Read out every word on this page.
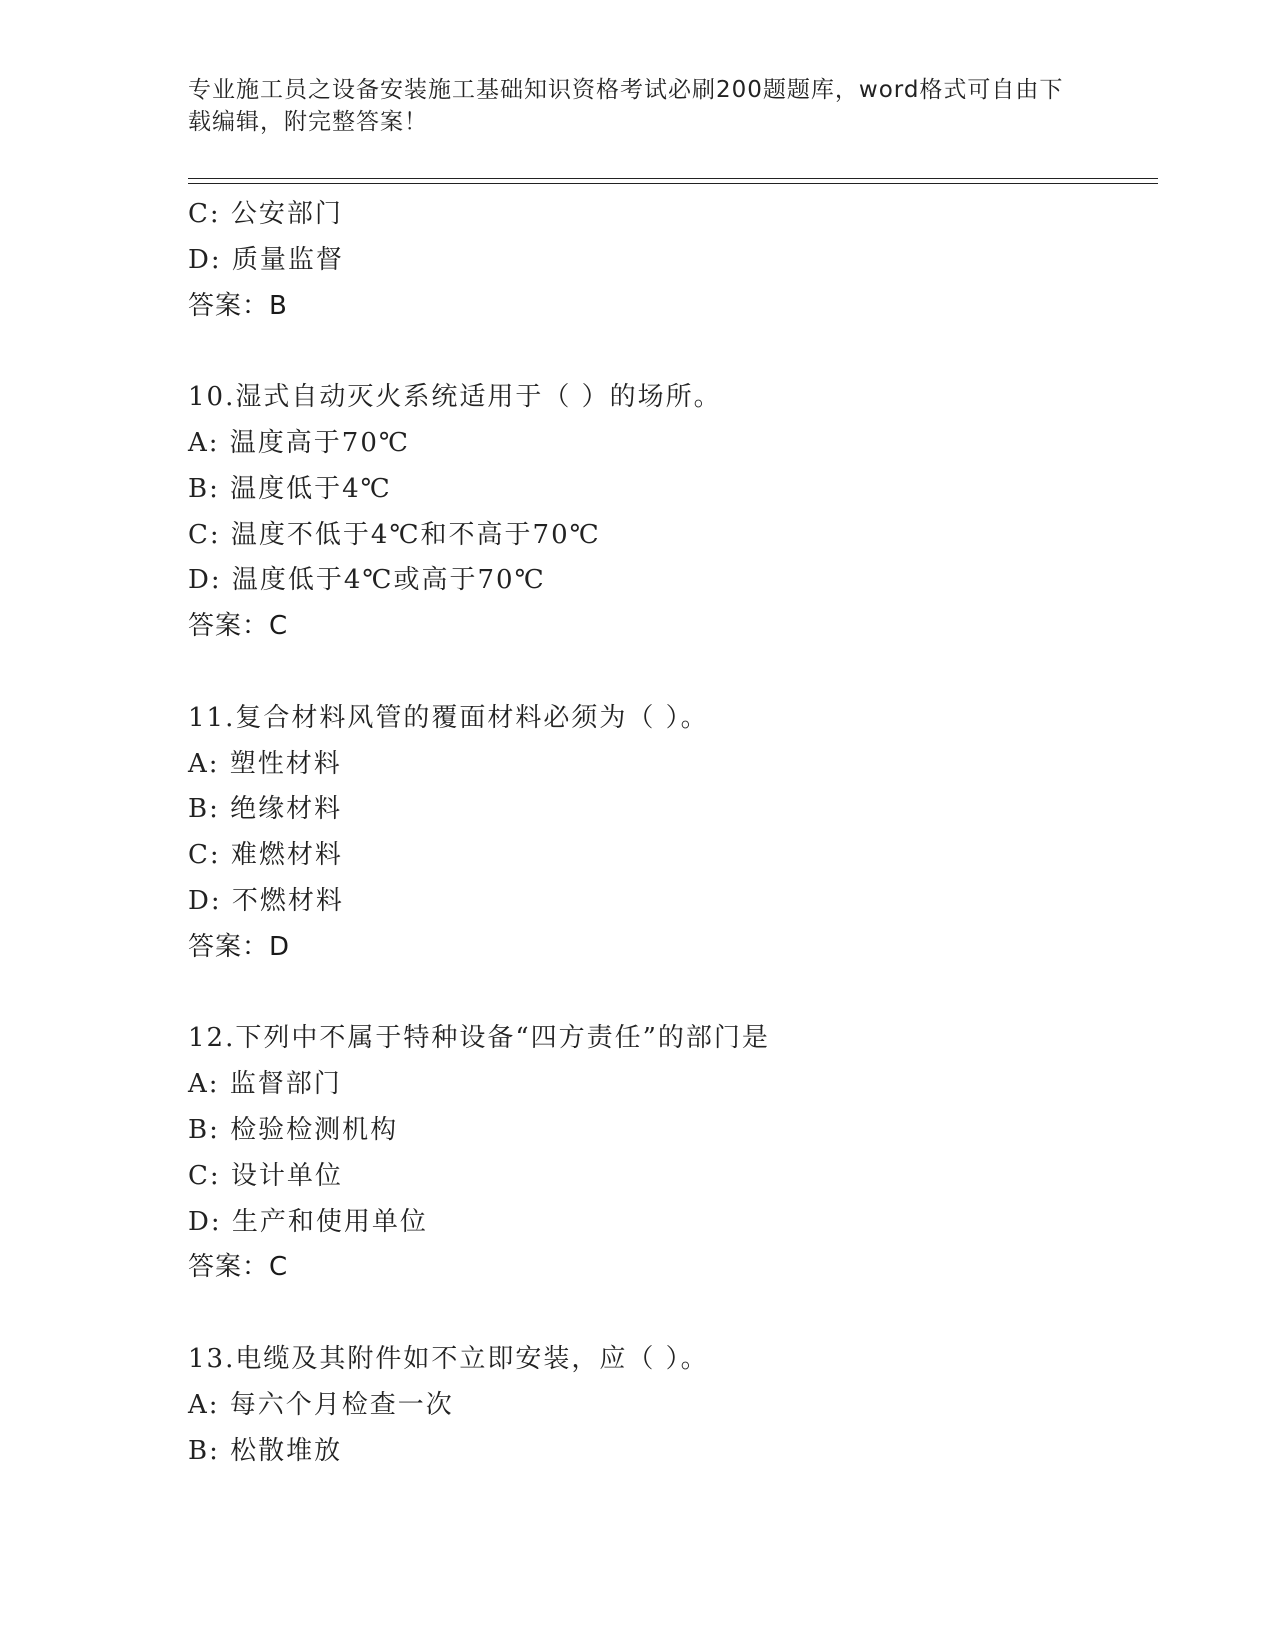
专业施工员之设备安装施工基础知识资格考试必刷200题题库，word格式可自由下载编辑，附完整答案！
C: 公安部门
D: 质量监督
答案：B
10.湿式自动灭火系统适用于（ ）的场所。
A: 温度高于70℃
B: 温度低于4℃
C: 温度不低于4℃和不高于70℃
D: 温度低于4℃或高于70℃
答案：C
11.复合材料风管的覆面材料必须为（ ）。
A: 塑性材料
B: 绝缘材料
C: 难燃材料
D: 不燃材料
答案：D
12.下列中不属于特种设备“四方责任”的部门是
A: 监督部门
B: 检验检测机构
C: 设计单位
D: 生产和使用单位
答案：C
13.电缆及其附件如不立即安装，应（ ）。
A: 每六个月检查一次
B: 松散堆放
